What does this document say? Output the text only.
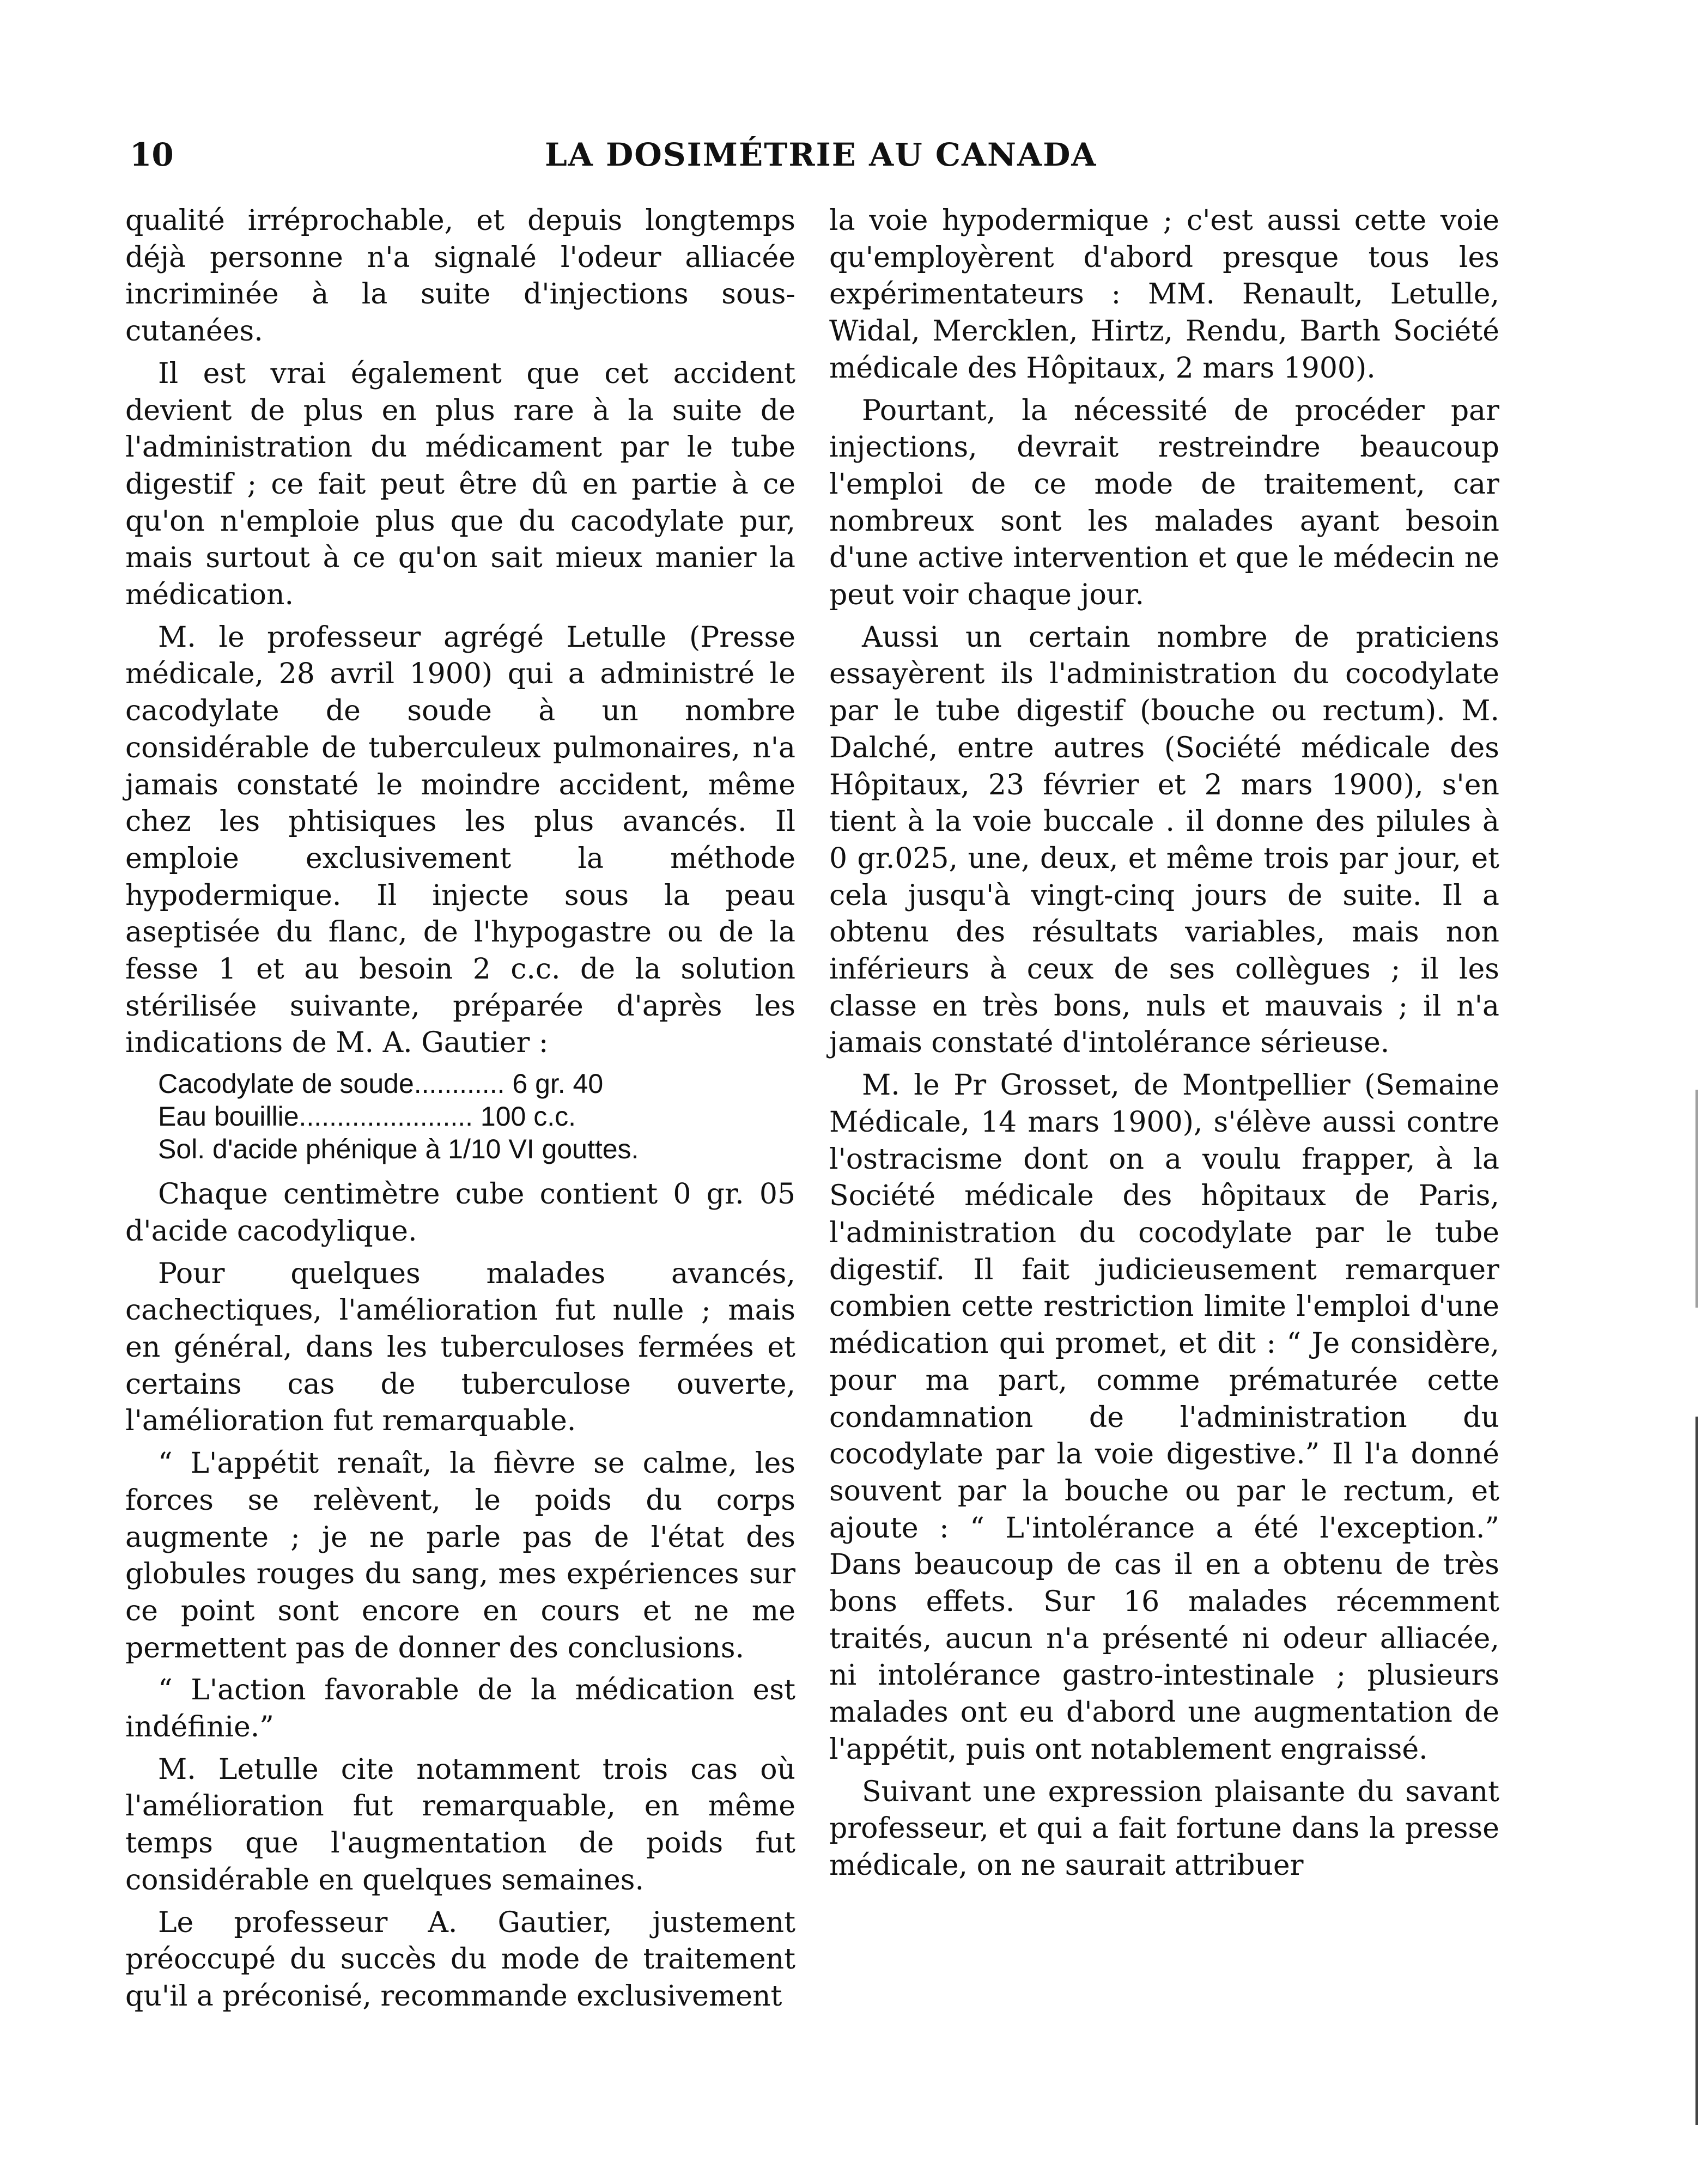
10	LA DOSIMÉTRIE AU CANADA

qualité irréprochable, et depuis longtemps déjà personne n'a signalé l'odeur alliacée incriminée à la suite d'injections sous-cutanées.

Il est vrai également que cet accident devient de plus en plus rare à la suite de l'administration du médicament par le tube digestif ; ce fait peut être dû en partie à ce qu'on n'emploie plus que du cacodylate pur, mais surtout à ce qu'on sait mieux manier la médication.

M. le professeur agrégé Letulle (Presse médicale, 28 avril 1900) qui a administré le cacodylate de soude à un nombre considérable de tuberculeux pulmonaires, n'a jamais constaté le moindre accident, même chez les phtisiques les plus avancés. Il emploie exclusivement la méthode hypodermique. Il injecte sous la peau aseptisée du flanc, de l'hypogastre ou de la fesse 1 et au besoin 2 c.c. de la solution stérilisée suivante, préparée d'après les indications de M. A. Gautier :

Cacodylate de soude............ 6 gr. 40
Eau bouillie....................... 100 c.c.
Sol. d'acide phénique à 1/10 VI gouttes.

Chaque centimètre cube contient 0 gr. 05 d'acide cacodylique.

Pour quelques malades avancés, cachectiques, l'amélioration fut nulle ; mais en général, dans les tuberculoses fermées et certains cas de tuberculose ouverte, l'amélioration fut remarquable.

“ L'appétit renaît, la fièvre se calme, les forces se relèvent, le poids du corps augmente ; je ne parle pas de l'état des globules rouges du sang, mes expériences sur ce point sont encore en cours et ne me permettent pas de donner des conclusions.

“ L'action favorable de la médication est indéfinie.”

M. Letulle cite notamment trois cas où l'amélioration fut remarquable, en même temps que l'augmentation de poids fut considérable en quelques semaines.

Le professeur A. Gautier, justement préoccupé du succès du mode de traitement qu'il a préconisé, recommande exclusivement

la voie hypodermique ; c'est aussi cette voie qu'employèrent d'abord presque tous les expérimentateurs : MM. Renault, Letulle, Widal, Mercklen, Hirtz, Rendu, Barth Société médicale des Hôpitaux, 2 mars 1900).

Pourtant, la nécessité de procéder par injections, devrait restreindre beaucoup l'emploi de ce mode de traitement, car nombreux sont les malades ayant besoin d'une active intervention et que le médecin ne peut voir chaque jour.

Aussi un certain nombre de praticiens essayèrent ils l'administration du cocodylate par le tube digestif (bouche ou rectum). M. Dalché, entre autres (Société médicale des Hôpitaux, 23 février et 2 mars 1900), s'en tient à la voie buccale . il donne des pilules à 0 gr.025, une, deux, et même trois par jour, et cela jusqu'à vingt-cinq jours de suite. Il a obtenu des résultats variables, mais non inférieurs à ceux de ses collègues ; il les classe en très bons, nuls et mauvais ; il n'a jamais constaté d'intolérance sérieuse.

M. le Pr Grosset, de Montpellier (Semaine Médicale, 14 mars 1900), s'élève aussi contre l'ostracisme dont on a voulu frapper, à la Société médicale des hôpitaux de Paris, l'administration du cocodylate par le tube digestif. Il fait judicieusement remarquer combien cette restriction limite l'emploi d'une médication qui promet, et dit : “ Je considère, pour ma part, comme prématurée cette condamnation de l'administration du cocodylate par la voie digestive.” Il l'a donné souvent par la bouche ou par le rectum, et ajoute : “ L'intolérance a été l'exception.” Dans beaucoup de cas il en a obtenu de très bons effets. Sur 16 malades récemment traités, aucun n'a présenté ni odeur alliacée, ni intolérance gastro-intestinale ; plusieurs malades ont eu d'abord une augmentation de l'appétit, puis ont notablement engraissé.

Suivant une expression plaisante du savant professeur, et qui a fait fortune dans la presse médicale, on ne saurait attribuer
